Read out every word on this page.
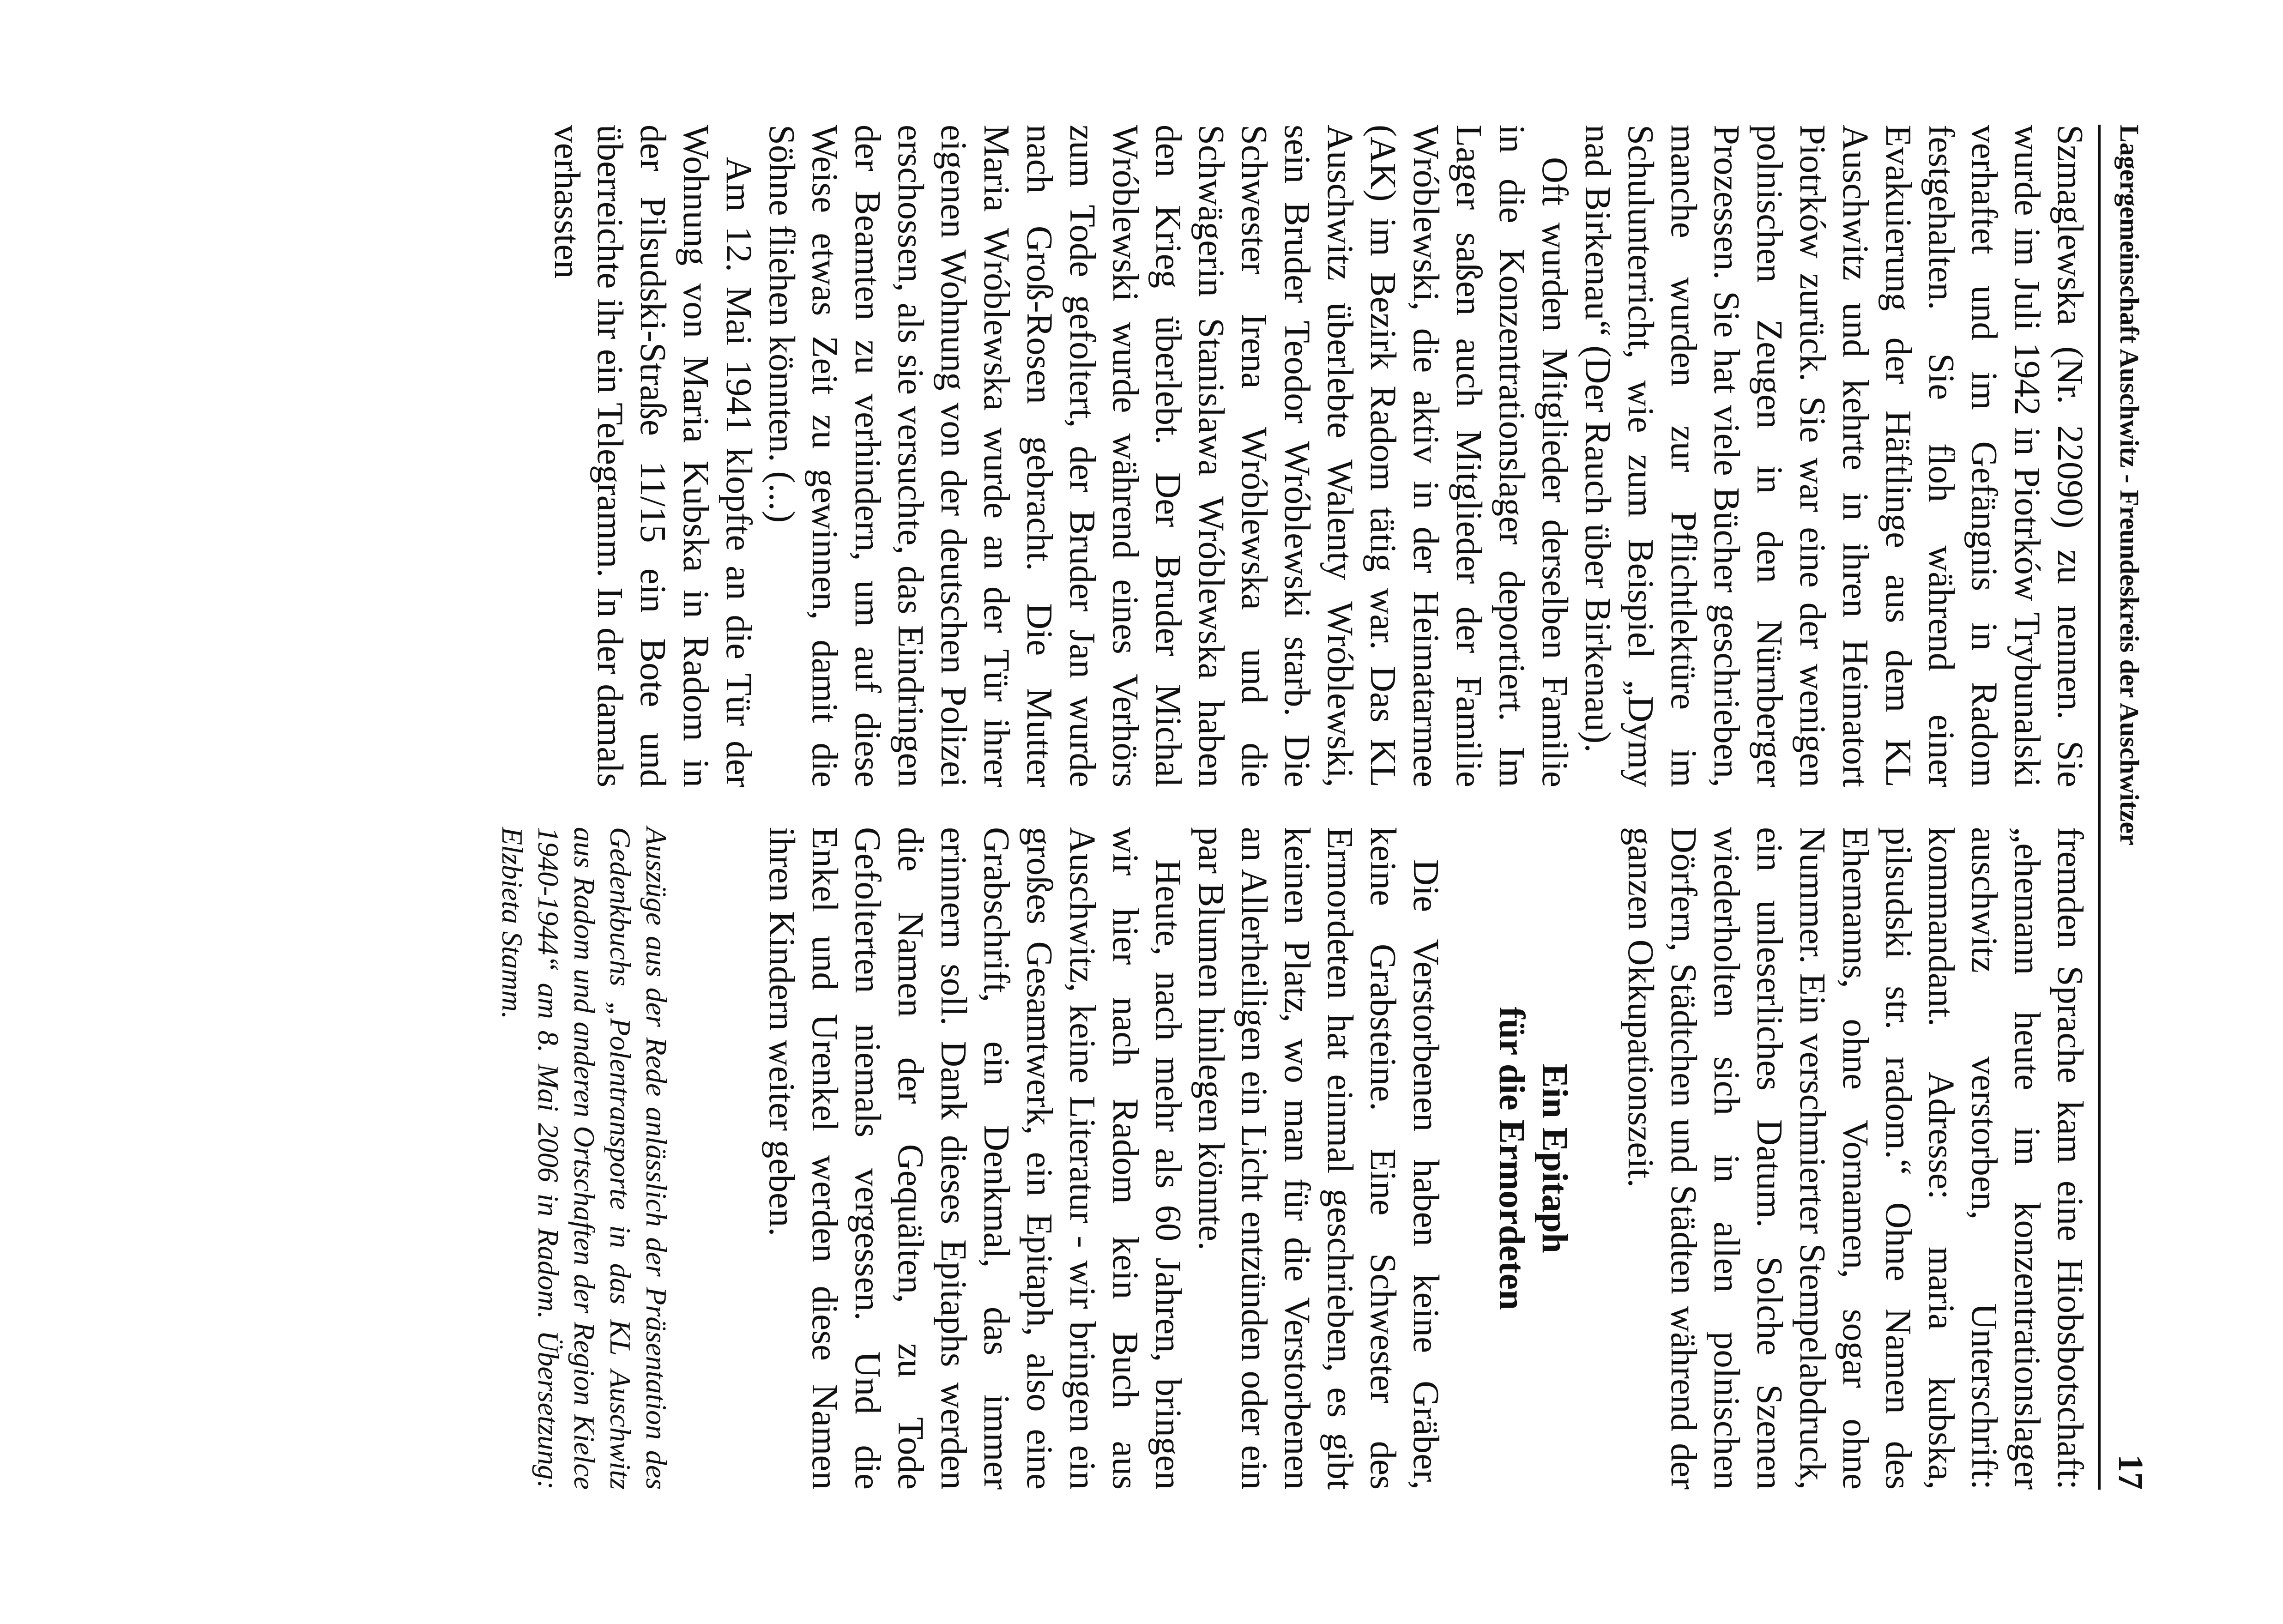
Lagergemeinschaft Auschwitz - Freundeskreis der Auschwitzer
17

Szmaglewska (Nr. 22090) zu nennen. Sie wurde im Juli 1942 in Piotrków Trybunalski verhaftet und im Gefängnis in Radom festgehalten. Sie floh während einer Evakuierung der Häftlinge aus dem KL Auschwitz und kehrte in ihren Heimatort Piotrków zurück. Sie war eine der wenigen polnischen Zeugen in den Nürnberger Prozessen. Sie hat viele Bücher geschrieben, manche wurden zur Pflichtlektüre im Schulunterricht, wie zum Beispiel „Dymy nad Birkenau“ (Der Rauch über Birkenau).

Oft wurden Mitglieder derselben Familie in die Konzentrationslager deportiert. Im Lager saßen auch Mitglieder der Familie Wróblewski, die aktiv in der Heimatarmee (AK) im Bezirk Radom tätig war. Das KL Auschwitz überlebte Walenty Wróblewski, sein Bruder Teodor Wróblewski starb. Die Schwester Irena Wróblewska und die Schwägerin Stanislawa Wróblewska haben den Krieg überlebt. Der Bruder Michal Wróblewski wurde während eines Verhörs zum Tode gefoltert, der Bruder Jan wurde nach Groß-Rosen gebracht. Die Mutter Maria Wróblewska wurde an der Tür ihrer eigenen Wohnung von der deutschen Polizei erschossen, als sie versuchte, das Eindringen der Beamten zu verhindern, um auf diese Weise etwas Zeit zu gewinnen, damit die Söhne fliehen könnten. (...)

Am 12. Mai 1941 klopfte an die Tür der Wohnung von Maria Kubska in Radom in der Pilsudski-Straße 11/15 ein Bote und überreichte ihr ein Telegramm. In der damals verhassten

fremden Sprache kam eine Hiobsbotschaft: „ehemann heute im konzentrationslager auschwitz verstorben, Unterschrift: kommandant. Adresse: maria kubska, pilsudski str. radom.“ Ohne Namen des Ehemanns, ohne Vornamen, sogar ohne Nummer. Ein verschmierter Stempelabdruck, ein unleserliches Datum. Solche Szenen wiederholten sich in allen polnischen Dörfern, Städtchen und Städten während der ganzen Okkupationszeit.

Ein Epitaph
für die Ermordeten

Die Verstorbenen haben keine Gräber, keine Grabsteine. Eine Schwester des Ermordeten hat einmal geschrieben, es gibt keinen Platz, wo man für die Verstorbenen an Allerheiligen ein Licht entzünden oder ein par Blumen hinlegen könnte.

Heute, nach mehr als 60 Jahren, bringen wir hier nach Radom kein Buch aus Auschwitz, keine Literatur - wir bringen ein großes Gesamtwerk, ein Epitaph, also eine Grabschrift, ein Denkmal, das immer erinnern soll. Dank dieses Epitaphs werden die Namen der Gequälten, zu Tode Gefolterten niemals vergessen. Und die Enkel und Urenkel werden diese Namen ihren Kindern weiter geben.

Auszüge aus der Rede anlässlich der Präsentation des Gedenkbuchs „Polentransporte in das KL Auschwitz aus Radom und anderen Ortschaften der Region Kielce 1940-1944“ am 8. Mai 2006 in Radom. Übersetzung: Elzbieta Stamm.
